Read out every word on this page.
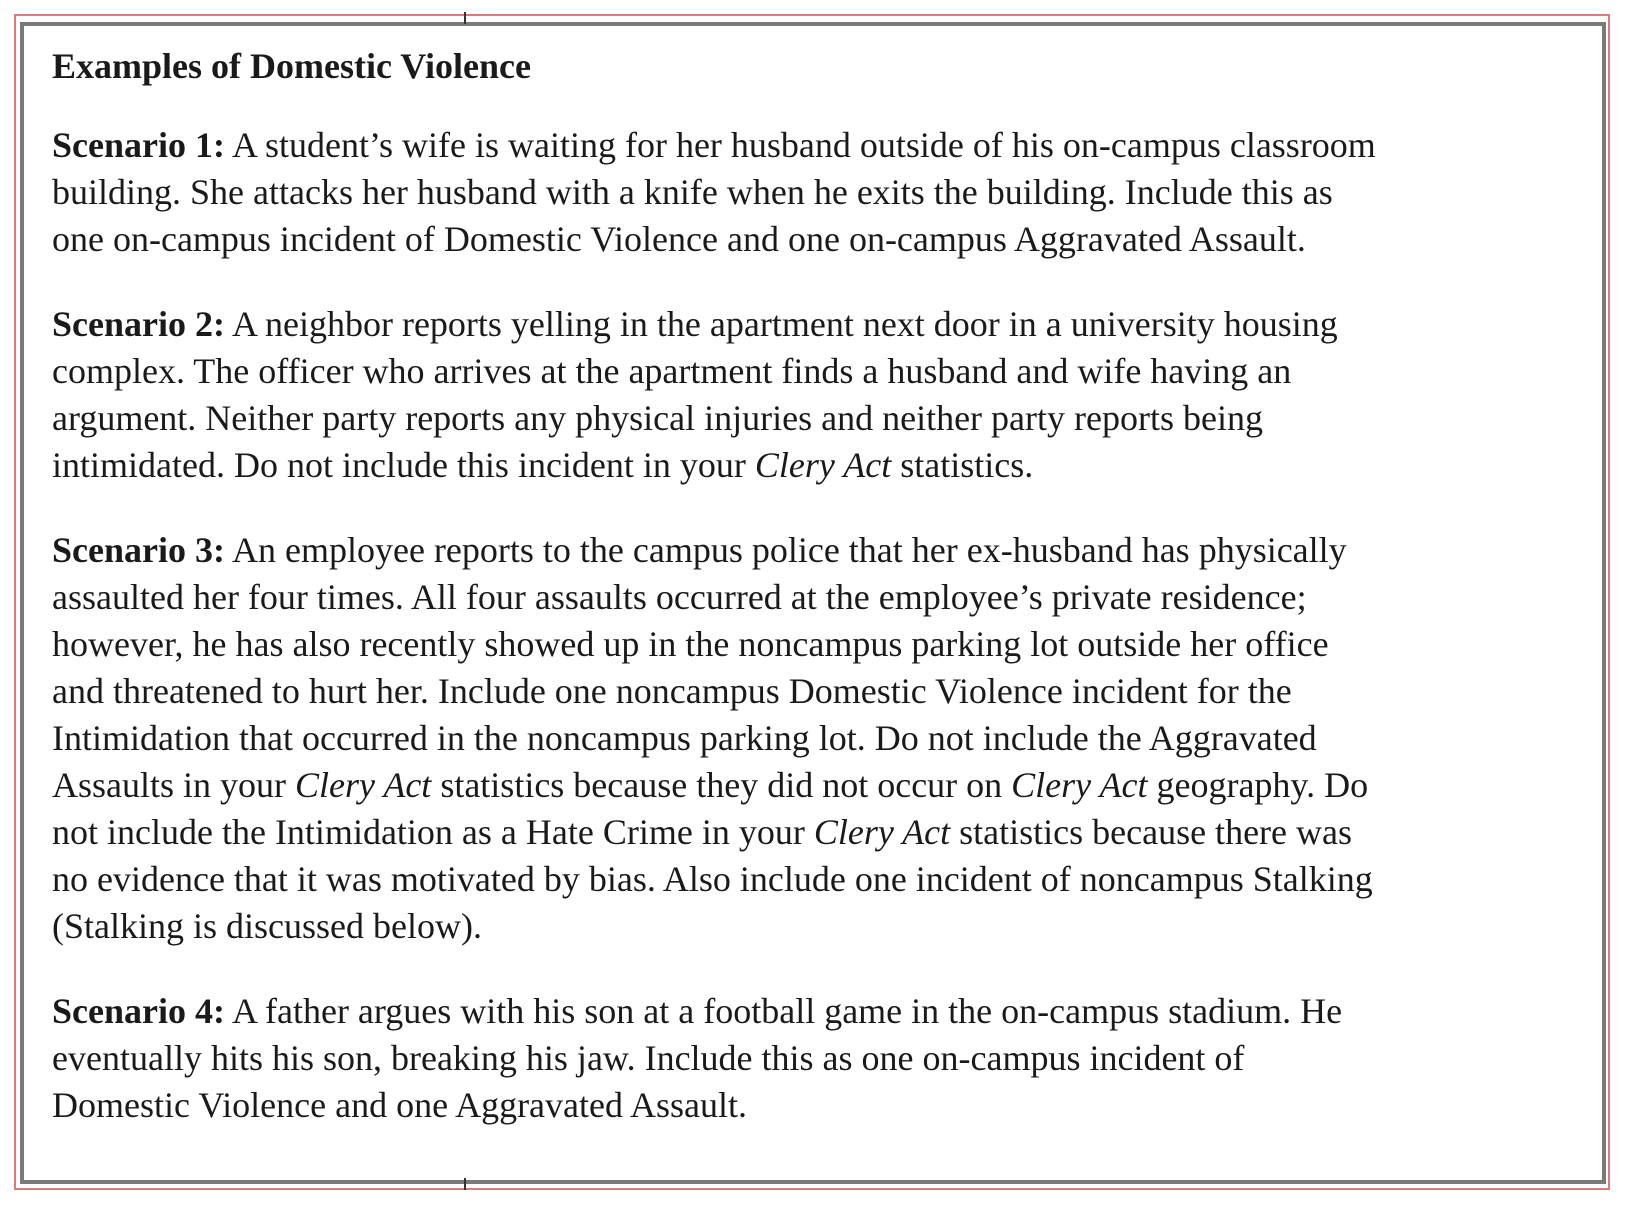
Examples of Domestic Violence
Scenario 1: A student’s wife is waiting for her husband outside of his on-campus classroom
building. She attacks her husband with a knife when he exits the building. Include this as
one on-campus incident of Domestic Violence and one on-campus Aggravated Assault.
Scenario 2: A neighbor reports yelling in the apartment next door in a university housing
complex. The officer who arrives at the apartment finds a husband and wife having an
argument. Neither party reports any physical injuries and neither party reports being
intimidated. Do not include this incident in your Clery Act statistics.
Scenario 3: An employee reports to the campus police that her ex-husband has physically
assaulted her four times. All four assaults occurred at the employee’s private residence;
however, he has also recently showed up in the noncampus parking lot outside her office
and threatened to hurt her. Include one noncampus Domestic Violence incident for the
Intimidation that occurred in the noncampus parking lot. Do not include the Aggravated
Assaults in your Clery Act statistics because they did not occur on Clery Act geography. Do
not include the Intimidation as a Hate Crime in your Clery Act statistics because there was
no evidence that it was motivated by bias. Also include one incident of noncampus Stalking
(Stalking is discussed below).
Scenario 4: A father argues with his son at a football game in the on-campus stadium. He
eventually hits his son, breaking his jaw. Include this as one on-campus incident of
Domestic Violence and one Aggravated Assault.
